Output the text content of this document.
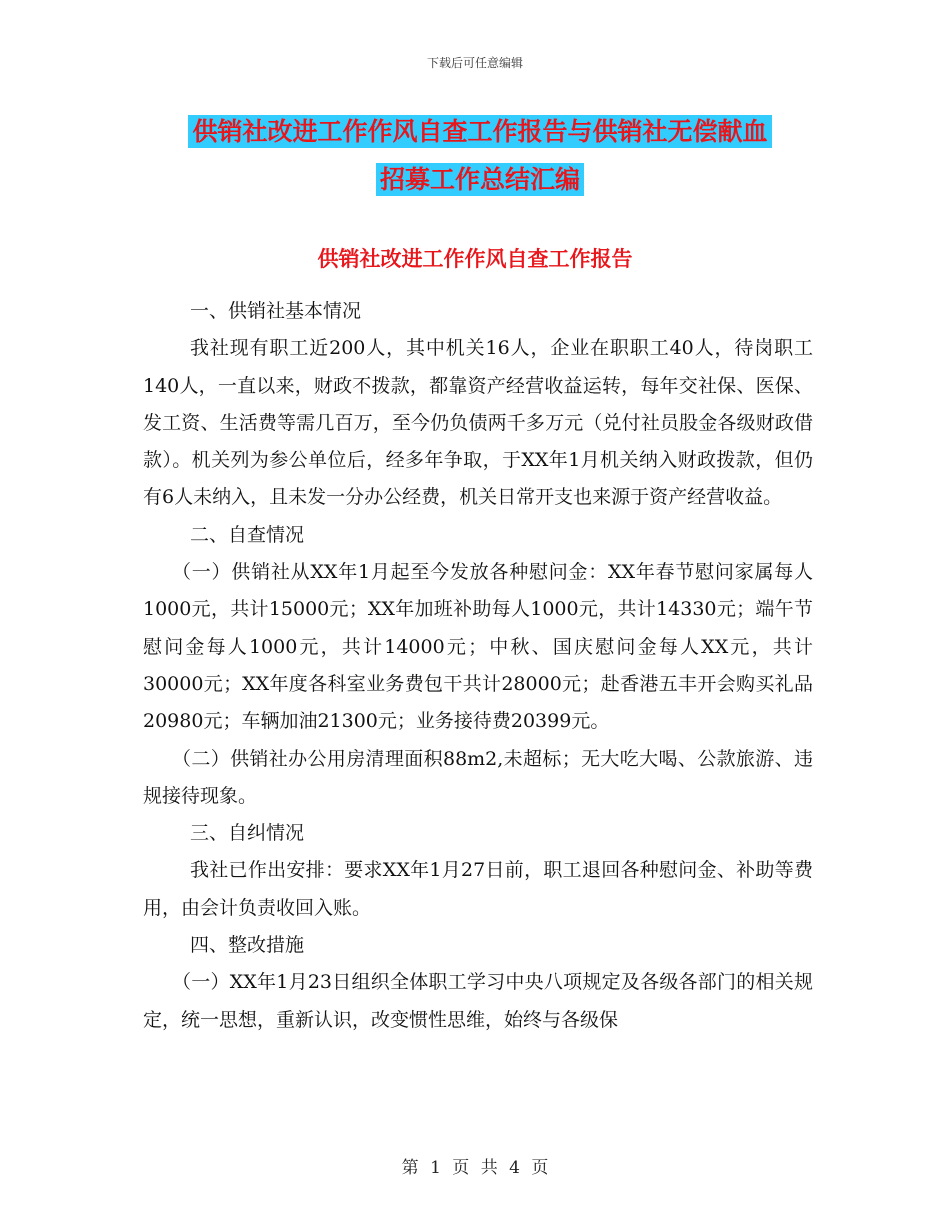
下载后可任意编辑
供销社改进工作作风自查工作报告与供销社无偿献血
招募工作总结汇编
供销社改进工作作风自查工作报告

一、供销社基本情况

我社现有职工近200人，其中机关16人，企业在职职工40人，待岗职工140人，一直以来，财政不拨款，都靠资产经营收益运转，每年交社保、医保、发工资、生活费等需几百万，至今仍负债两千多万元（兑付社员股金各级财政借款）。机关列为参公单位后，经多年争取，于XX年1月机关纳入财政拨款，但仍有6人未纳入，且未发一分办公经费，机关日常开支也来源于资产经营收益。

二、自查情况

（一）供销社从XX年1月起至今发放各种慰问金：XX年春节慰问家属每人1000元，共计15000元；XX年加班补助每人1000元，共计14330元；端午节慰问金每人1000元，共计14000元；中秋、国庆慰问金每人XX元，共计30000元；XX年度各科室业务费包干共计28000元；赴香港五丰开会购买礼品20980元；车辆加油21300元；业务接待费20399元。

（二）供销社办公用房清理面积88m2,未超标；无大吃大喝、公款旅游、违规接待现象。

三、自纠情况

我社已作出安排：要求XX年1月27日前，职工退回各种慰问金、补助等费用，由会计负责收回入账。

四、整改措施

（一）XX年1月23日组织全体职工学习中央八项规定及各级各部门的相关规定，统一思想，重新认识，改变惯性思维，始终与各级保

第 1 页 共 4 页
